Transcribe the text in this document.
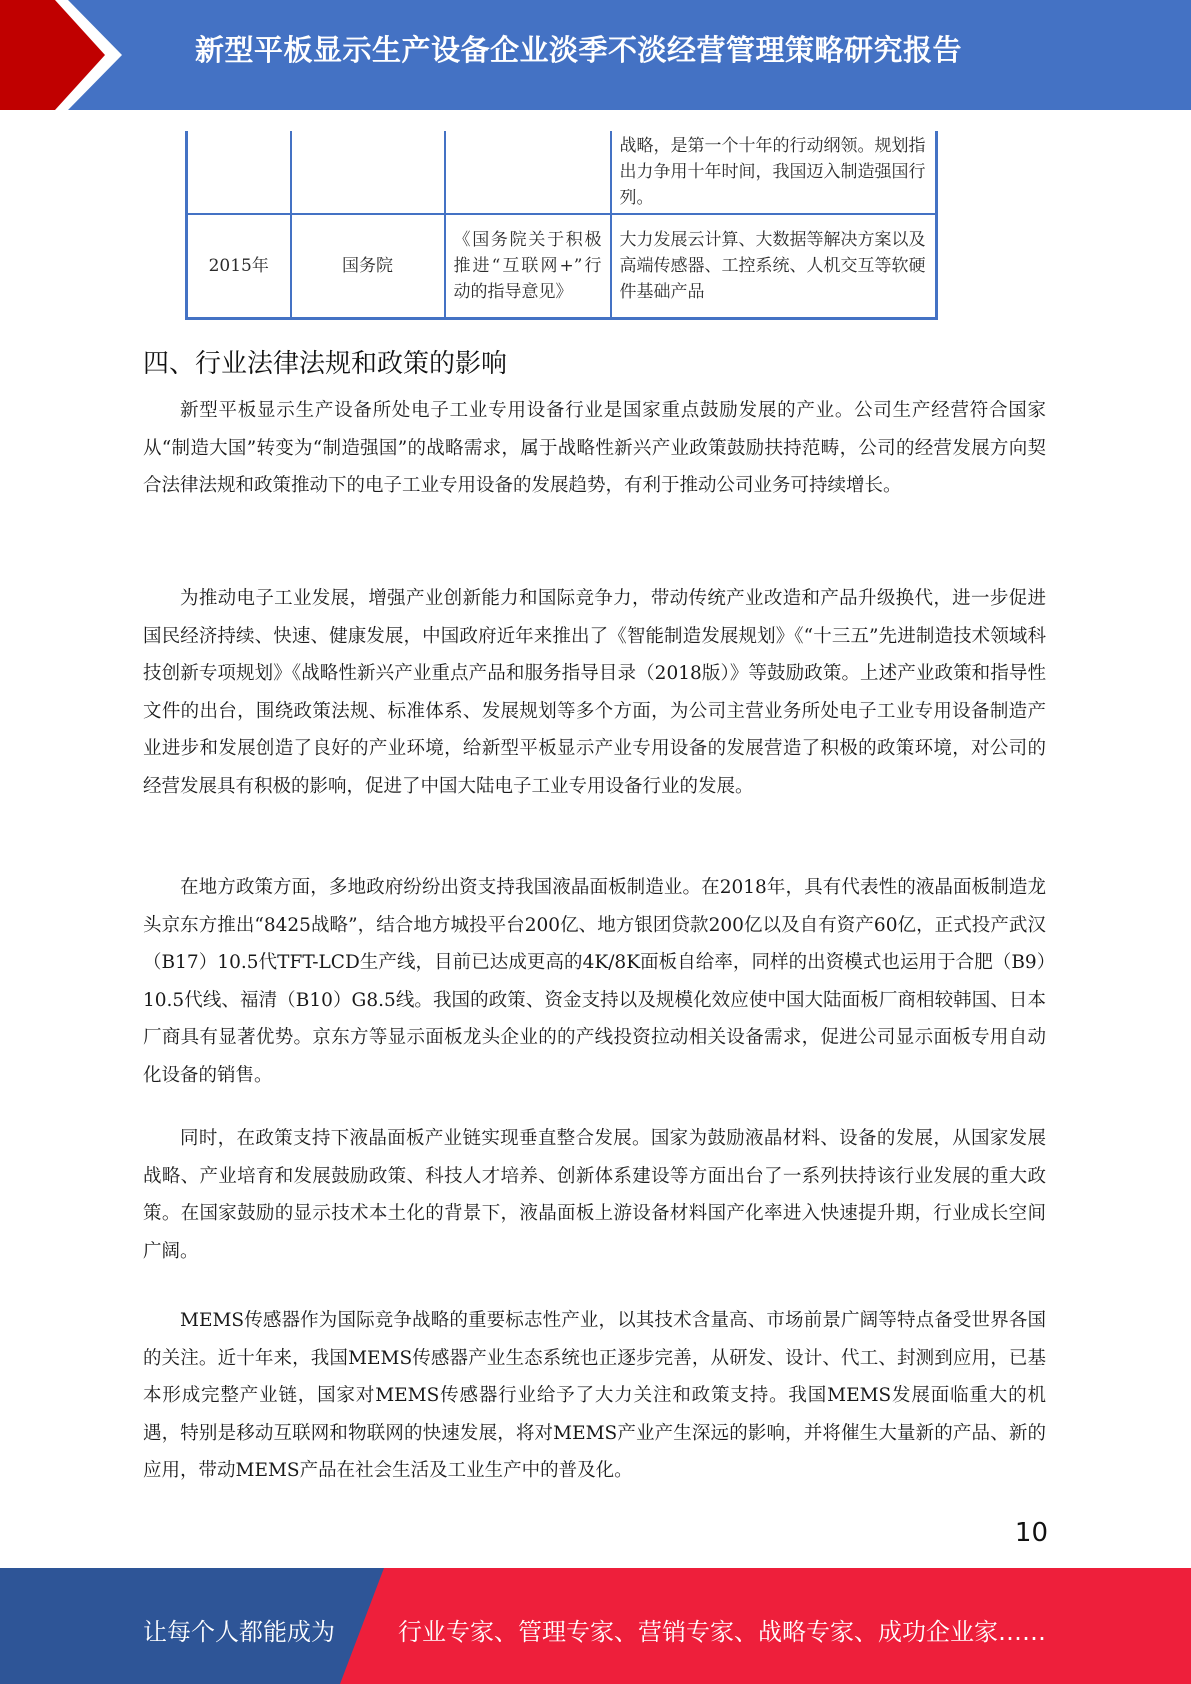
新型平板显示生产设备企业淡季不淡经营管理策略研究报告
			战略，是第一个十年的行动纲领。规划指出力争用十年时间，我国迈入制造强国行列。
2015年	国务院	《国务院关于积极推进“互联网+”行动的指导意见》	大力发展云计算、大数据等解决方案以及高端传感器、工控系统、人机交互等软硬件基础产品
四、行业法律法规和政策的影响

新型平板显示生产设备所处电子工业专用设备行业是国家重点鼓励发展的产业。公司生产经营符合国家从“制造大国”转变为“制造强国”的战略需求，属于战略性新兴产业政策鼓励扶持范畴，公司的经营发展方向契合法律法规和政策推动下的电子工业专用设备的发展趋势，有利于推动公司业务可持续增长。

为推动电子工业发展，增强产业创新能力和国际竞争力，带动传统产业改造和产品升级换代，进一步促进国民经济持续、快速、健康发展，中国政府近年来推出了《智能制造发展规划》《“十三五”先进制造技术领域科技创新专项规划》《战略性新兴产业重点产品和服务指导目录（2018版）》等鼓励政策。上述产业政策和指导性文件的出台，围绕政策法规、标准体系、发展规划等多个方面，为公司主营业务所处电子工业专用设备制造产业进步和发展创造了良好的产业环境，给新型平板显示产业专用设备的发展营造了积极的政策环境，对公司的经营发展具有积极的影响，促进了中国大陆电子工业专用设备行业的发展。

在地方政策方面，多地政府纷纷出资支持我国液晶面板制造业。在2018年，具有代表性的液晶面板制造龙头京东方推出“8425战略”，结合地方城投平台200亿、地方银团贷款200亿以及自有资产60亿，正式投产武汉（B17）10.5代TFT-LCD生产线，目前已达成更高的4K/8K面板自给率，同样的出资模式也运用于合肥（B9）10.5代线、福清（B10）G8.5线。我国的政策、资金支持以及规模化效应使中国大陆面板厂商相较韩国、日本厂商具有显著优势。京东方等显示面板龙头企业的的产线投资拉动相关设备需求，促进公司显示面板专用自动化设备的销售。

同时，在政策支持下液晶面板产业链实现垂直整合发展。国家为鼓励液晶材料、设备的发展，从国家发展战略、产业培育和发展鼓励政策、科技人才培养、创新体系建设等方面出台了一系列扶持该行业发展的重大政策。在国家鼓励的显示技术本土化的背景下，液晶面板上游设备材料国产化率进入快速提升期，行业成长空间广阔。

MEMS传感器作为国际竞争战略的重要标志性产业，以其技术含量高、市场前景广阔等特点备受世界各国的关注。近十年来，我国MEMS传感器产业生态系统也正逐步完善，从研发、设计、代工、封测到应用，已基本形成完整产业链，国家对MEMS传感器行业给予了大力关注和政策支持。我国MEMS发展面临重大的机遇，特别是移动互联网和物联网的快速发展，将对MEMS产业产生深远的影响，并将催生大量新的产品、新的应用，带动MEMS产品在社会生活及工业生产中的普及化。

10
让每个人都能成为	行业专家、管理专家、营销专家、战略专家、成功企业家……
